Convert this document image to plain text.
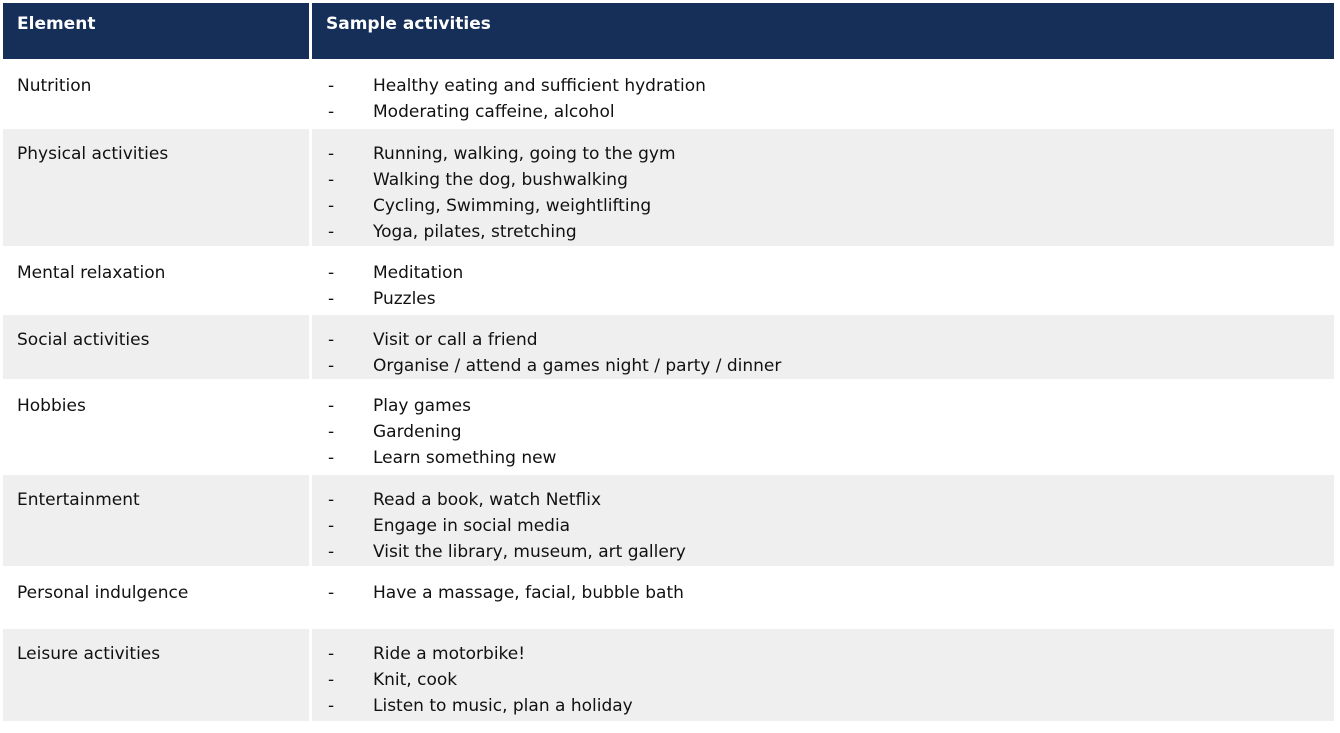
Element	Sample activities
Nutrition	- Healthy eating and sufficient hydration
- Moderating caffeine, alcohol
Physical activities	- Running, walking, going to the gym
- Walking the dog, bushwalking
- Cycling, Swimming, weightlifting
- Yoga, pilates, stretching
Mental relaxation	- Meditation
- Puzzles
Social activities	- Visit or call a friend
- Organise / attend a games night / party / dinner
Hobbies	- Play games
- Gardening
- Learn something new
Entertainment	- Read a book, watch Netflix
- Engage in social media
- Visit the library, museum, art gallery
Personal indulgence	- Have a massage, facial, bubble bath
Leisure activities	- Ride a motorbike!
- Knit, cook
- Listen to music, plan a holiday
